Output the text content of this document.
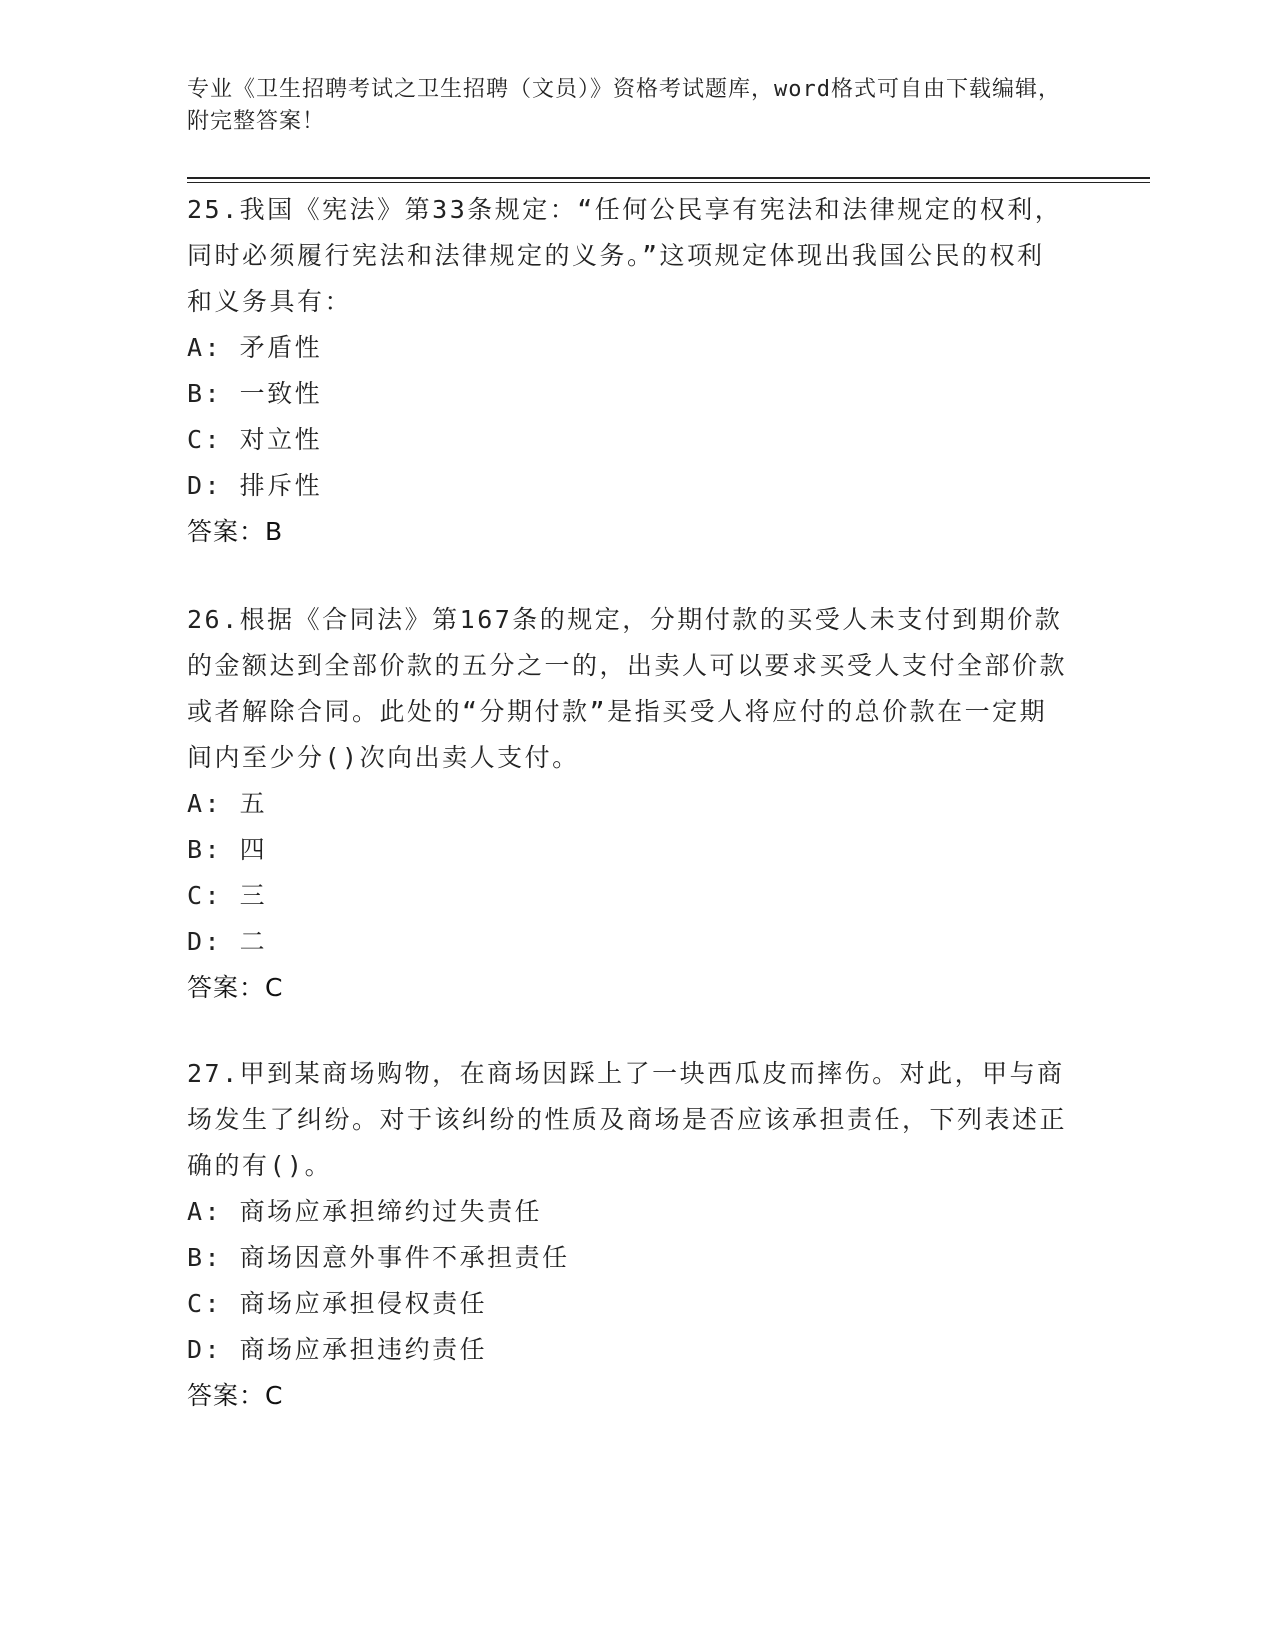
专业《卫生招聘考试之卫生招聘（文员）》资格考试题库，word格式可自由下载编辑，附完整答案！
25.我国《宪法》第33条规定：“任何公民享有宪法和法律规定的权利，同时必须履行宪法和法律规定的义务。”这项规定体现出我国公民的权利和义务具有：
A: 矛盾性
B: 一致性
C: 对立性
D: 排斥性
答案：B
26.根据《合同法》第167条的规定，分期付款的买受人未支付到期价款的金额达到全部价款的五分之一的，出卖人可以要求买受人支付全部价款或者解除合同。此处的“分期付款”是指买受人将应付的总价款在一定期间内至少分()次向出卖人支付。
A: 五
B: 四
C: 三
D: 二
答案：C
27.甲到某商场购物，在商场因踩上了一块西瓜皮而摔伤。对此，甲与商场发生了纠纷。对于该纠纷的性质及商场是否应该承担责任，下列表述正确的有()。
A: 商场应承担缔约过失责任
B: 商场因意外事件不承担责任
C: 商场应承担侵权责任
D: 商场应承担违约责任
答案：C
